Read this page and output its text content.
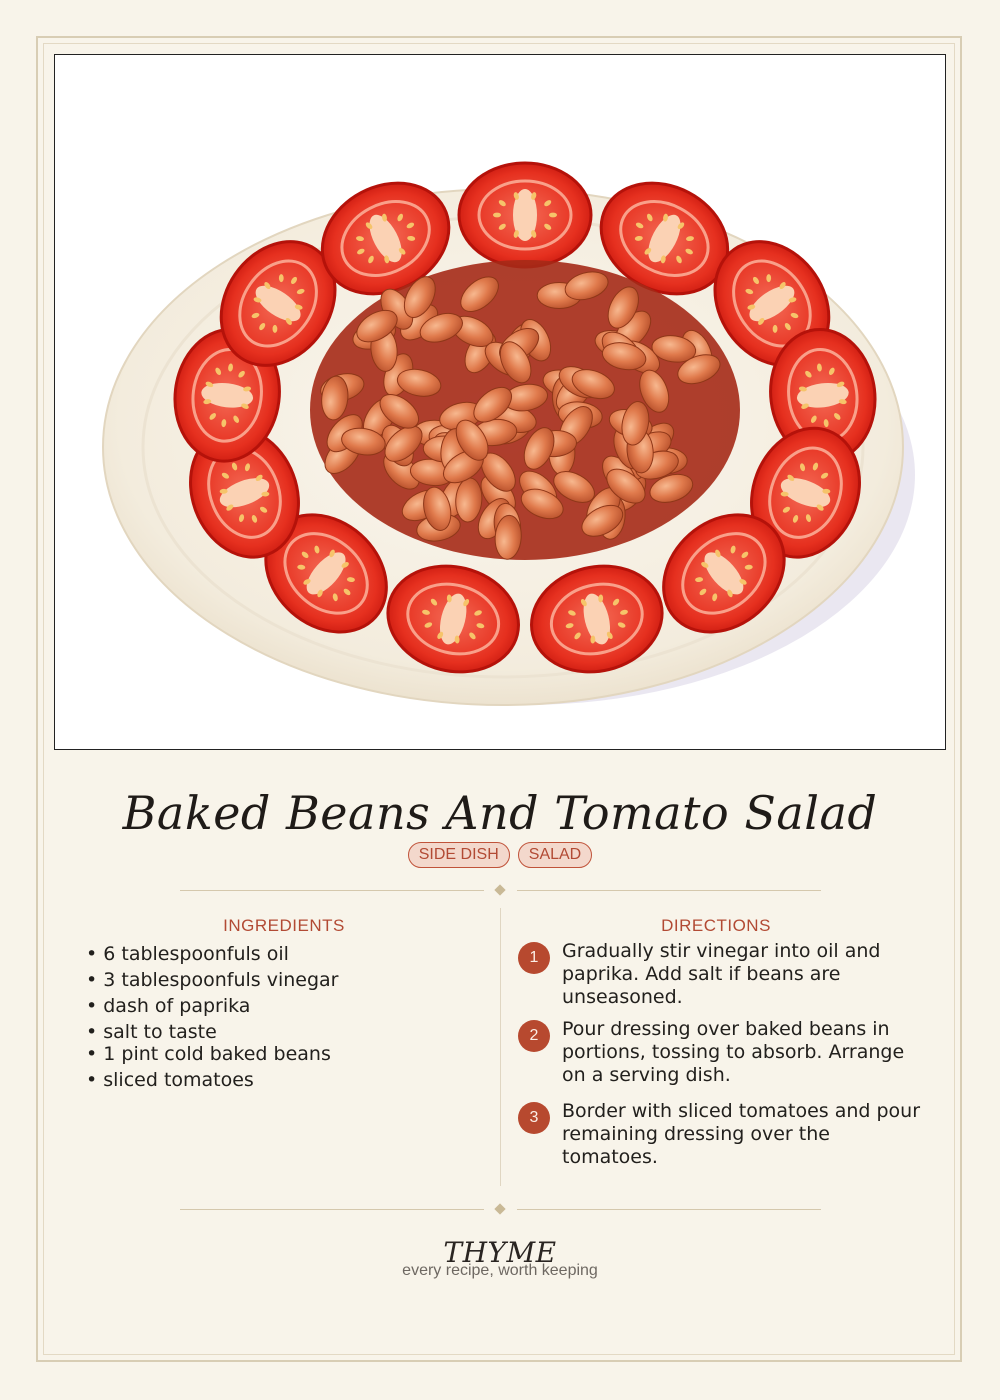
Baked Beans And Tomato Salad
SIDE DISH SALAD
INGREDIENTS	DIRECTIONS
• 6 tablespoonfuls oil
• 3 tablespoonfuls vinegar
• dash of paprika
• salt to taste
• 1 pint cold baked beans
• sliced tomatoes
1	Gradually stir vinegar into oil and paprika. Add salt if beans are unseasoned.
2	Pour dressing over baked beans in portions, tossing to absorb. Arrange on a serving dish.
3	Border with sliced tomatoes and pour remaining dressing over the tomatoes.
THYME
every recipe, worth keeping
